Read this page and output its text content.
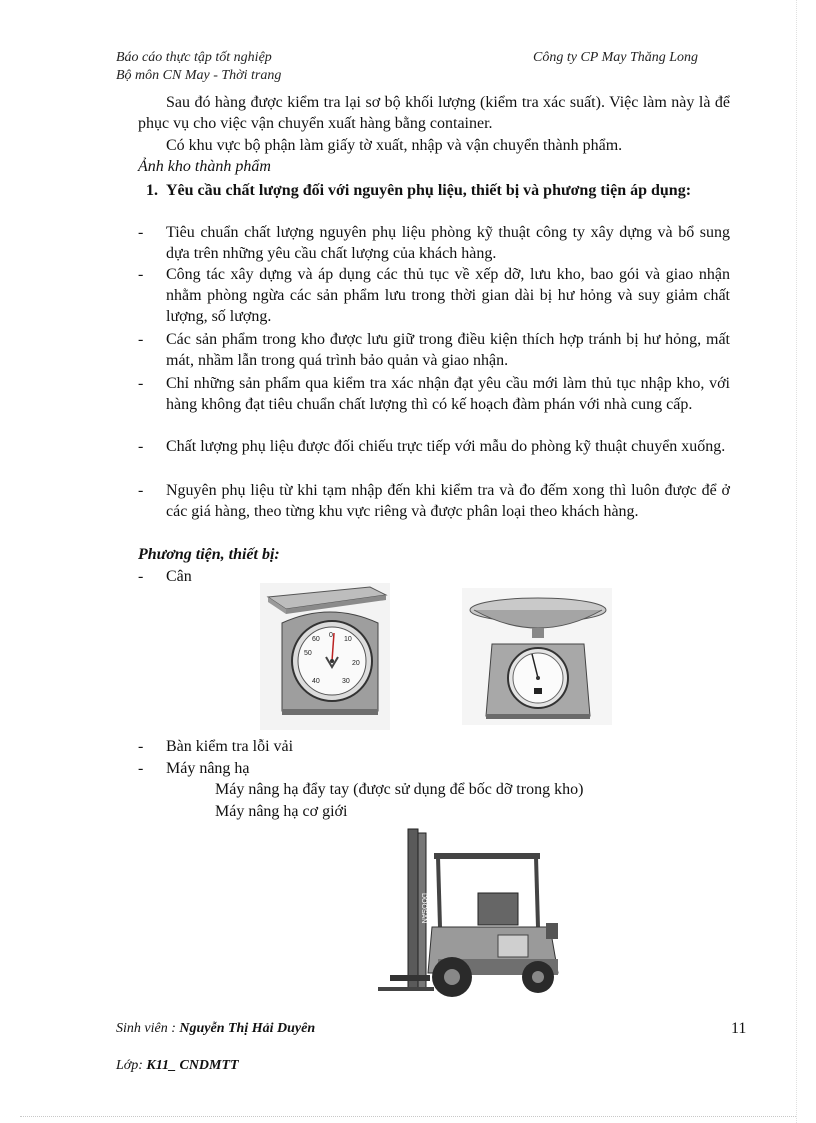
Báo cáo thực tập tốt nghiệp
Bộ môn CN May - Thời trang
Công ty CP May Thăng Long
Sau đó hàng được kiểm tra lại sơ bộ khối lượng (kiểm tra xác suất). Việc làm này là để phục vụ cho việc vận chuyển xuất hàng bằng container.
Có khu vực bộ phận làm giấy tờ xuất, nhập và vận chuyển thành phẩm.
Ảnh kho thành phẩm
1. Yêu cầu chất lượng đối với nguyên phụ liệu, thiết bị và phương tiện áp dụng:
-	Tiêu chuẩn chất lượng nguyên phụ liệu phòng kỹ thuật công ty xây dựng và bổ sung dựa trên những yêu cầu chất lượng của khách hàng.
-	Công tác xây dựng và áp dụng các thủ tục về xếp dỡ, lưu kho, bao gói và giao nhận nhằm phòng ngừa các sản phẩm lưu trong thời gian dài bị hư hỏng và suy giảm chất lượng, số lượng.
-	Các sản phẩm trong kho được lưu giữ trong điều kiện thích hợp tránh bị hư hỏng, mất mát, nhầm lẫn trong quá trình bảo quản và giao nhận.
-	Chỉ những sản phẩm qua kiểm tra xác nhận đạt yêu cầu mới làm thủ tục nhập kho, với hàng không đạt tiêu chuẩn chất lượng thì có kế hoạch đàm phán với nhà cung cấp.
-	Chất lượng phụ liệu được đối chiếu trực tiếp với mẫu do phòng kỹ thuật chuyển xuống.
-	Nguyên phụ liệu từ khi tạm nhập đến khi kiểm tra và đo đếm xong thì luôn được để ở các giá hàng, theo từng khu vực riêng và được phân loại theo khách hàng.
Phương tiện, thiết bị:
- Cân
0
10
20
30
40
50
60
- Bàn kiểm tra lỗi vải
- Máy nâng hạ
Máy nâng hạ đẩy tay (được sử dụng để bốc dỡ trong kho)
Máy nâng hạ cơ giới
DOOSAN
Sinh viên : Nguyễn Thị Hải Duyên	11
Lớp: K11_ CNDMTT
